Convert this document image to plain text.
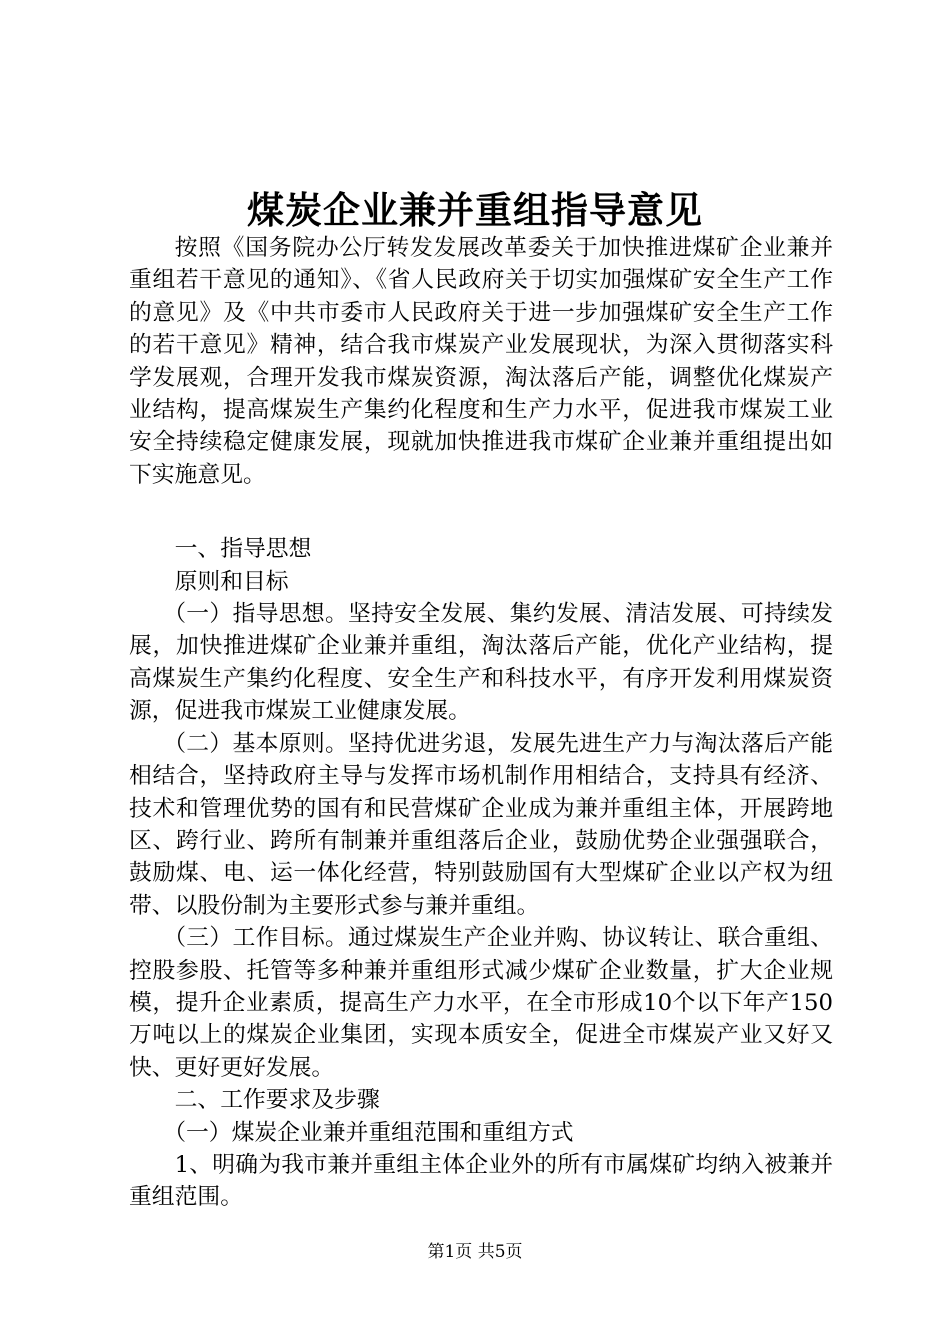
煤炭企业兼并重组指导意见

按照《国务院办公厅转发发展改革委关于加快推进煤矿企业兼并重组若干意见的通知》、《省人民政府关于切实加强煤矿安全生产工作的意见》及《中共市委市人民政府关于进一步加强煤矿安全生产工作的若干意见》精神，结合我市煤炭产业发展现状，为深入贯彻落实科学发展观，合理开发我市煤炭资源，淘汰落后产能，调整优化煤炭产业结构，提高煤炭生产集约化程度和生产力水平，促进我市煤炭工业安全持续稳定健康发展，现就加快推进我市煤矿企业兼并重组提出如下实施意见。

一、指导思想

原则和目标

（一）指导思想。坚持安全发展、集约发展、清洁发展、可持续发展，加快推进煤矿企业兼并重组，淘汰落后产能，优化产业结构，提高煤炭生产集约化程度、安全生产和科技水平，有序开发利用煤炭资源，促进我市煤炭工业健康发展。

（二）基本原则。坚持优进劣退，发展先进生产力与淘汰落后产能相结合，坚持政府主导与发挥市场机制作用相结合，支持具有经济、技术和管理优势的国有和民营煤矿企业成为兼并重组主体，开展跨地区、跨行业、跨所有制兼并重组落后企业，鼓励优势企业强强联合，鼓励煤、电、运一体化经营，特别鼓励国有大型煤矿企业以产权为纽带、以股份制为主要形式参与兼并重组。

（三）工作目标。通过煤炭生产企业并购、协议转让、联合重组、控股参股、托管等多种兼并重组形式减少煤矿企业数量，扩大企业规模，提升企业素质，提高生产力水平，在全市形成10个以下年产150万吨以上的煤炭企业集团，实现本质安全，促进全市煤炭产业又好又快、更好更好发展。

二、工作要求及步骤

（一）煤炭企业兼并重组范围和重组方式

1、明确为我市兼并重组主体企业外的所有市属煤矿均纳入被兼并重组范围。

第1页 共5页
